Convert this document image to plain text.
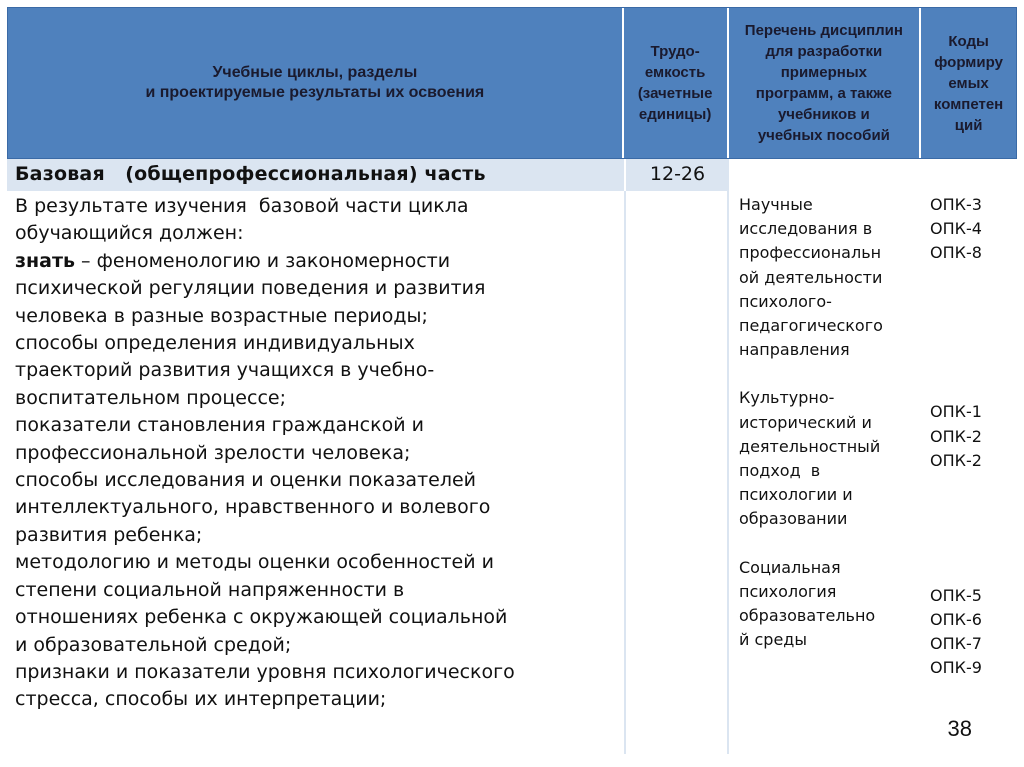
Учебные циклы, разделы
и проектируемые результаты их освоения
Трудо-
емкость
(зачетные
единицы)
Перечень дисциплин
для разработки
примерных
программ, а также
учебников и
учебных пособий
Коды
формиру
емых
компетен
ций
Базовая   (общепрофессиональная) часть	12-26
В результате изучения  базовой части цикла
обучающийся должен:
знать – феноменологию и закономерности
психической регуляции поведения и развития
человека в разные возрастные периоды;
способы определения индивидуальных
траекторий развития учащихся в учебно-
воспитательном процессе;
показатели становления гражданской и
профессиональной зрелости человека;
способы исследования и оценки показателей
интеллектуального, нравственного и волевого
развития ребенка;
методологию и методы оценки особенностей и
степени социальной напряженности в
отношениях ребенка с окружающей социальной
и образовательной средой;
признаки и показатели уровня психологического
стресса, способы их интерпретации;
Научные
исследования в
профессиональн
ой деятельности
психолого-
педагогического
направления
Культурно-
исторический и
деятельностный
подход  в
психологии и
образовании
Социальная
психология
образовательно
й среды
ОПК-3
ОПК-4
ОПК-8
ОПК-1
ОПК-2
ОПК-2
ОПК-5
ОПК-6
ОПК-7
ОПК-9
38
